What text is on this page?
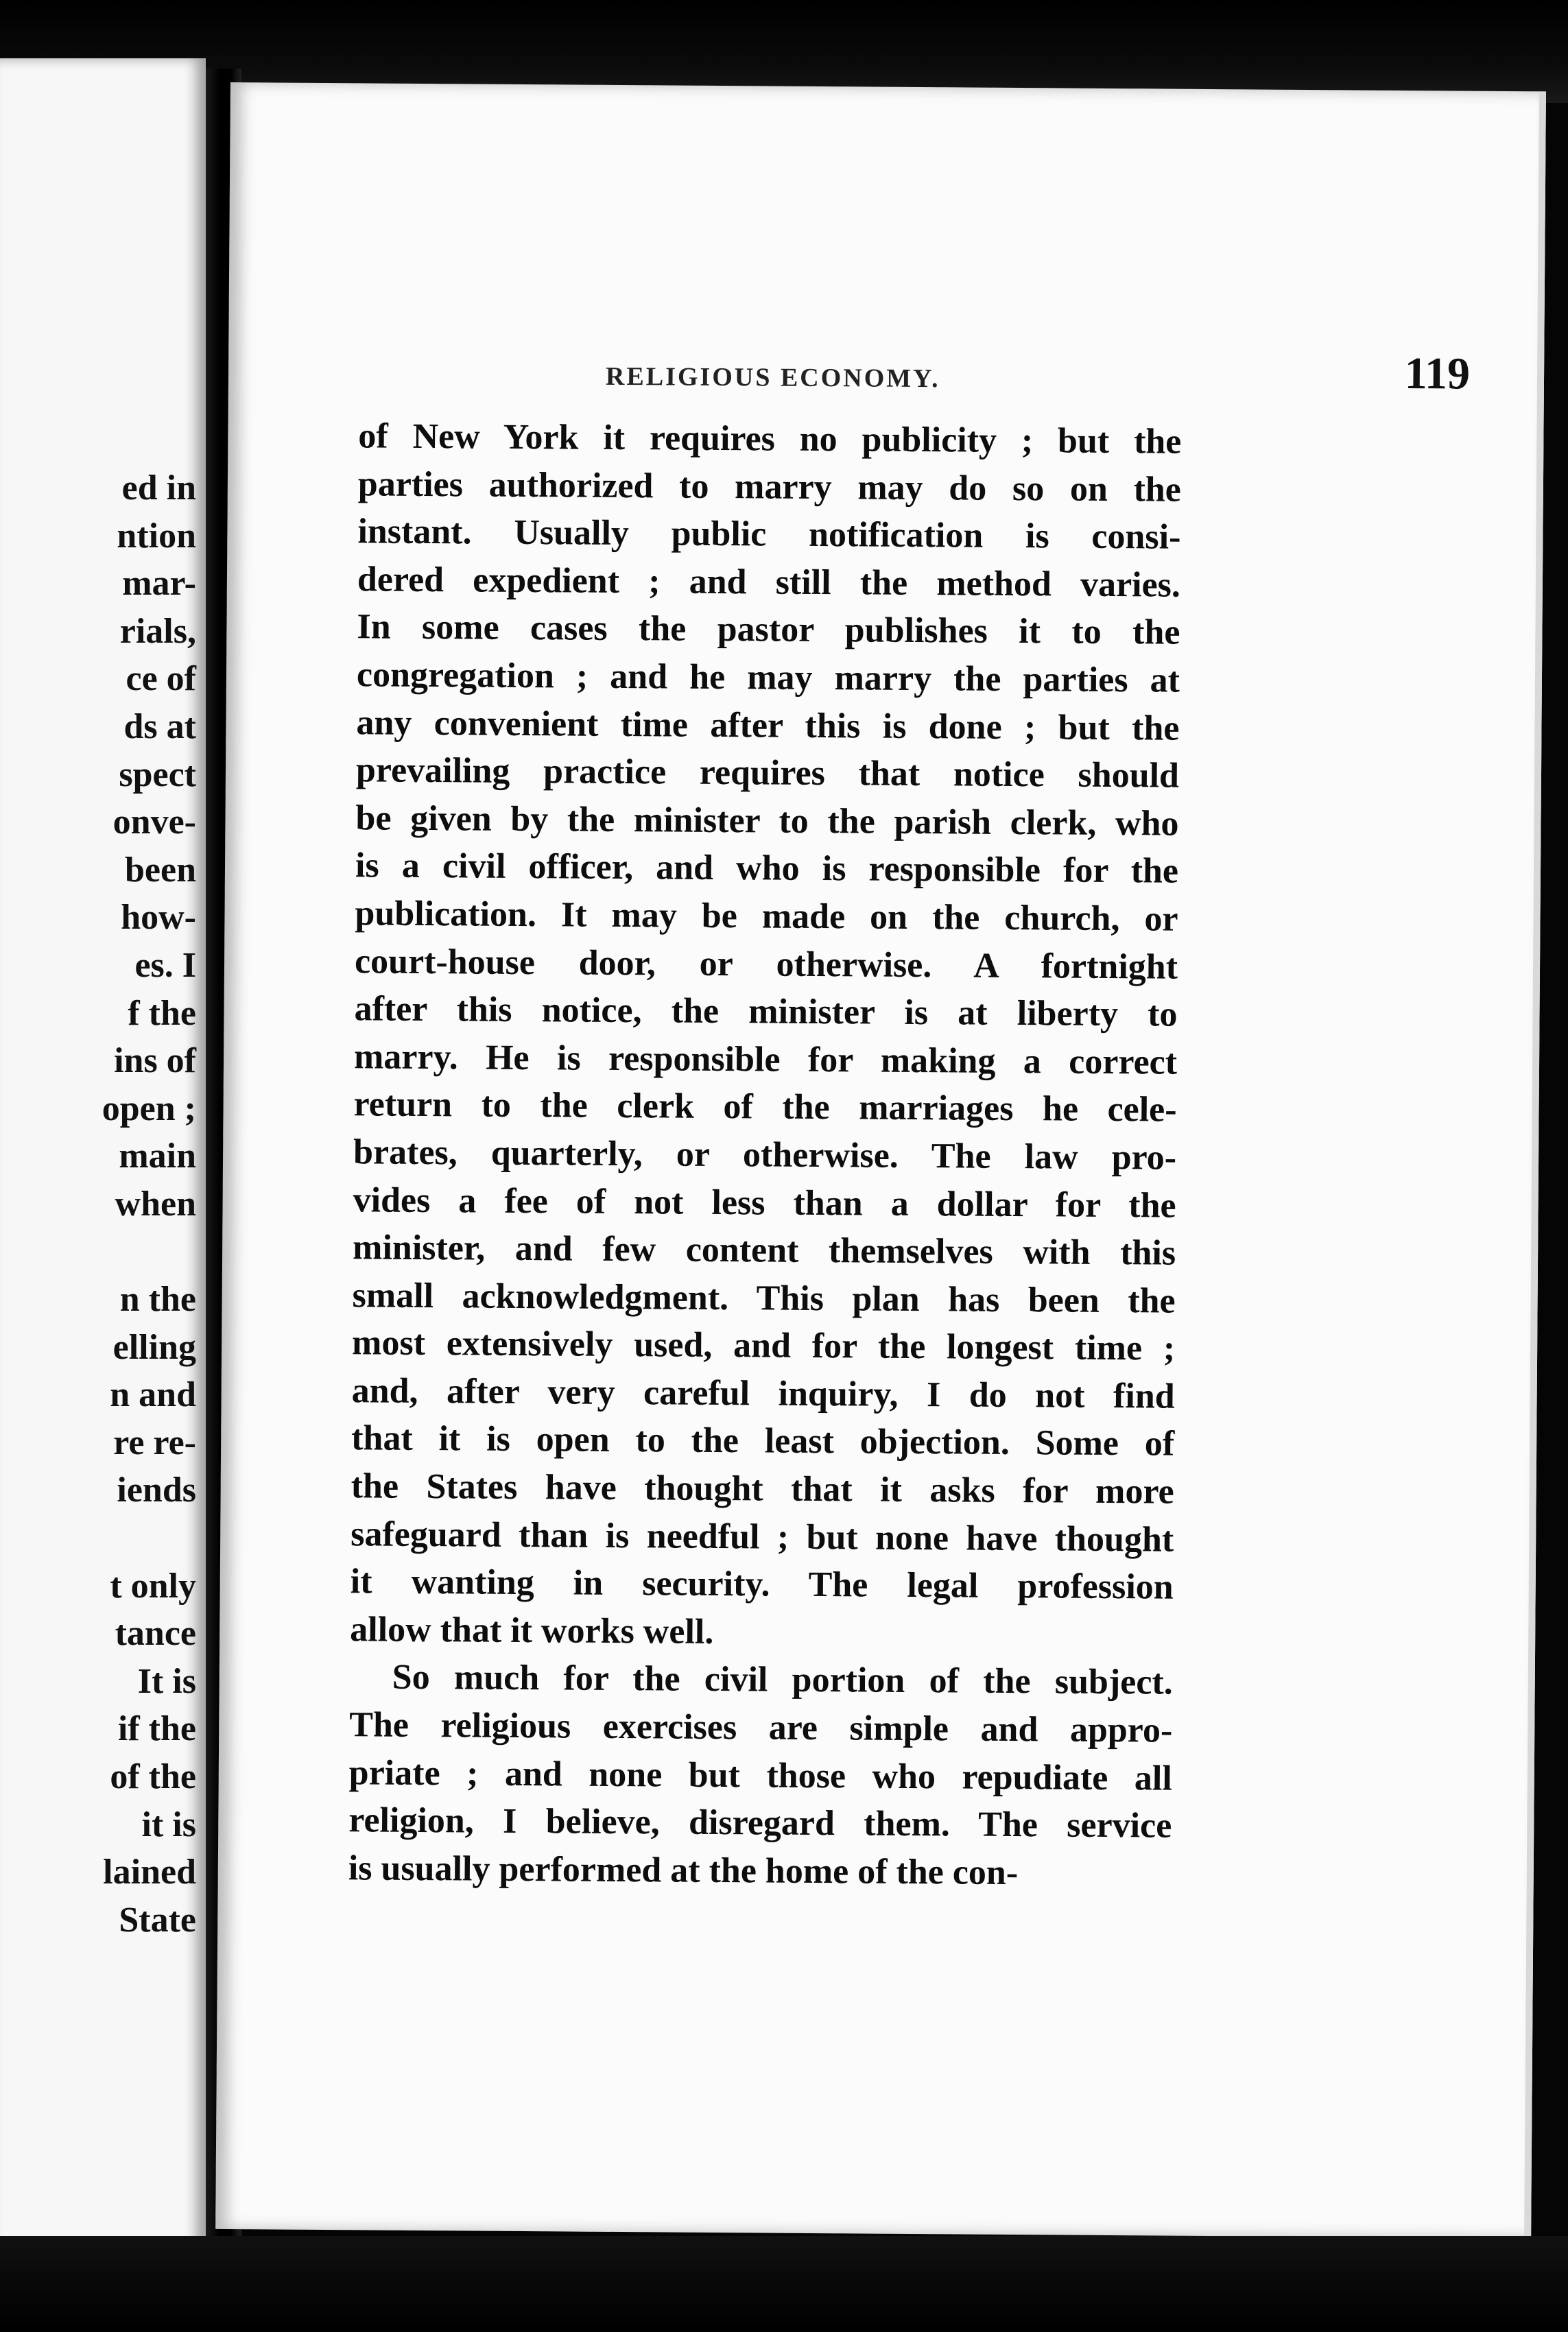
ed in
ntion
mar-
rials,
ce of
ds at
spect
onve-
been
how-
es. I
f the
ins of
open ;
main
when
n the
elling
n and
re re-
iends
t only
tance
It is
if the
of the
it is
lained
State
RELIGIOUS ECONOMY.	119
of New York it requires no publicity ; but the
parties authorized to marry may do so on the
instant. Usually public notification is consi-
dered expedient ; and still the method varies.
In some cases the pastor publishes it to the
congregation ; and he may marry the parties at
any convenient time after this is done ; but the
prevailing practice requires that notice should
be given by the minister to the parish clerk, who
is a civil officer, and who is responsible for the
publication. It may be made on the church, or
court-house door, or otherwise. A fortnight
after this notice, the minister is at liberty to
marry. He is responsible for making a correct
return to the clerk of the marriages he cele-
brates, quarterly, or otherwise. The law pro-
vides a fee of not less than a dollar for the
minister, and few content themselves with this
small acknowledgment. This plan has been the
most extensively used, and for the longest time ;
and, after very careful inquiry, I do not find
that it is open to the least objection. Some of
the States have thought that it asks for more
safeguard than is needful ; but none have thought
it wanting in security. The legal profession
allow that it works well.
So much for the civil portion of the subject.
The religious exercises are simple and appro-
priate ; and none but those who repudiate all
religion, I believe, disregard them. The service
is usually performed at the home of the con-
